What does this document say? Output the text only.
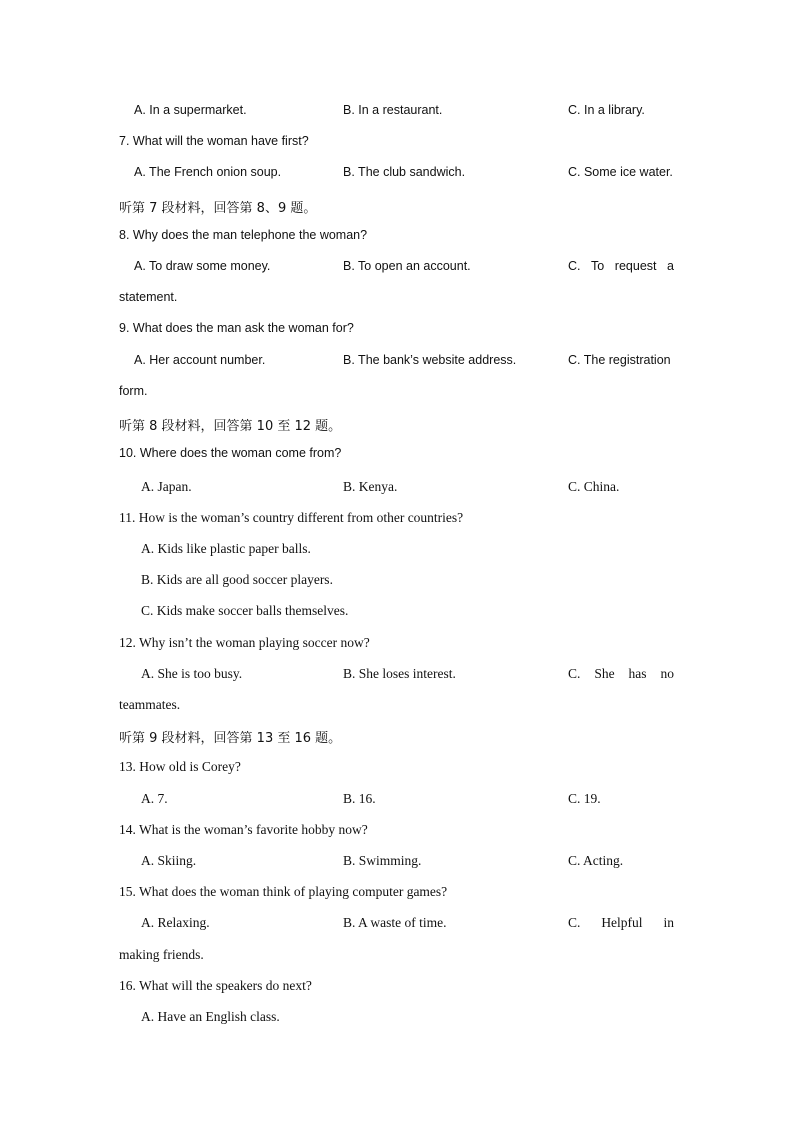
A. In a supermarket.	B. In a restaurant.	C. In a library.
7. What will the woman have first?
A. The French onion soup.	B. The club sandwich.	C. Some ice water.
听第 7 段材料，回答第 8、9 题。
8. Why does the man telephone the woman?
A. To draw some money.	B. To open an account.	C. To request a
statement.
9. What does the man ask the woman for?
A. Her account number.	B. The bank’s website address.	C. The registration
form.
听第 8 段材料，回答第 10 至 12 题。
10. Where does the woman come from?
A. Japan.	B. Kenya.	C. China.
11. How is the woman’s country different from other countries?
A. Kids like plastic paper balls.
B. Kids are all good soccer players.
C. Kids make soccer balls themselves.
12. Why isn’t the woman playing soccer now?
A. She is too busy.	B. She loses interest.	C. She has no
teammates.
听第 9 段材料，回答第 13 至 16 题。
13. How old is Corey?
A. 7.	B. 16.	C. 19.
14. What is the woman’s favorite hobby now?
A. Skiing.	B. Swimming.	C. Acting.
15. What does the woman think of playing computer games?
A. Relaxing.	B. A waste of time.	C. Helpful in
making friends.
16. What will the speakers do next?
A. Have an English class.
